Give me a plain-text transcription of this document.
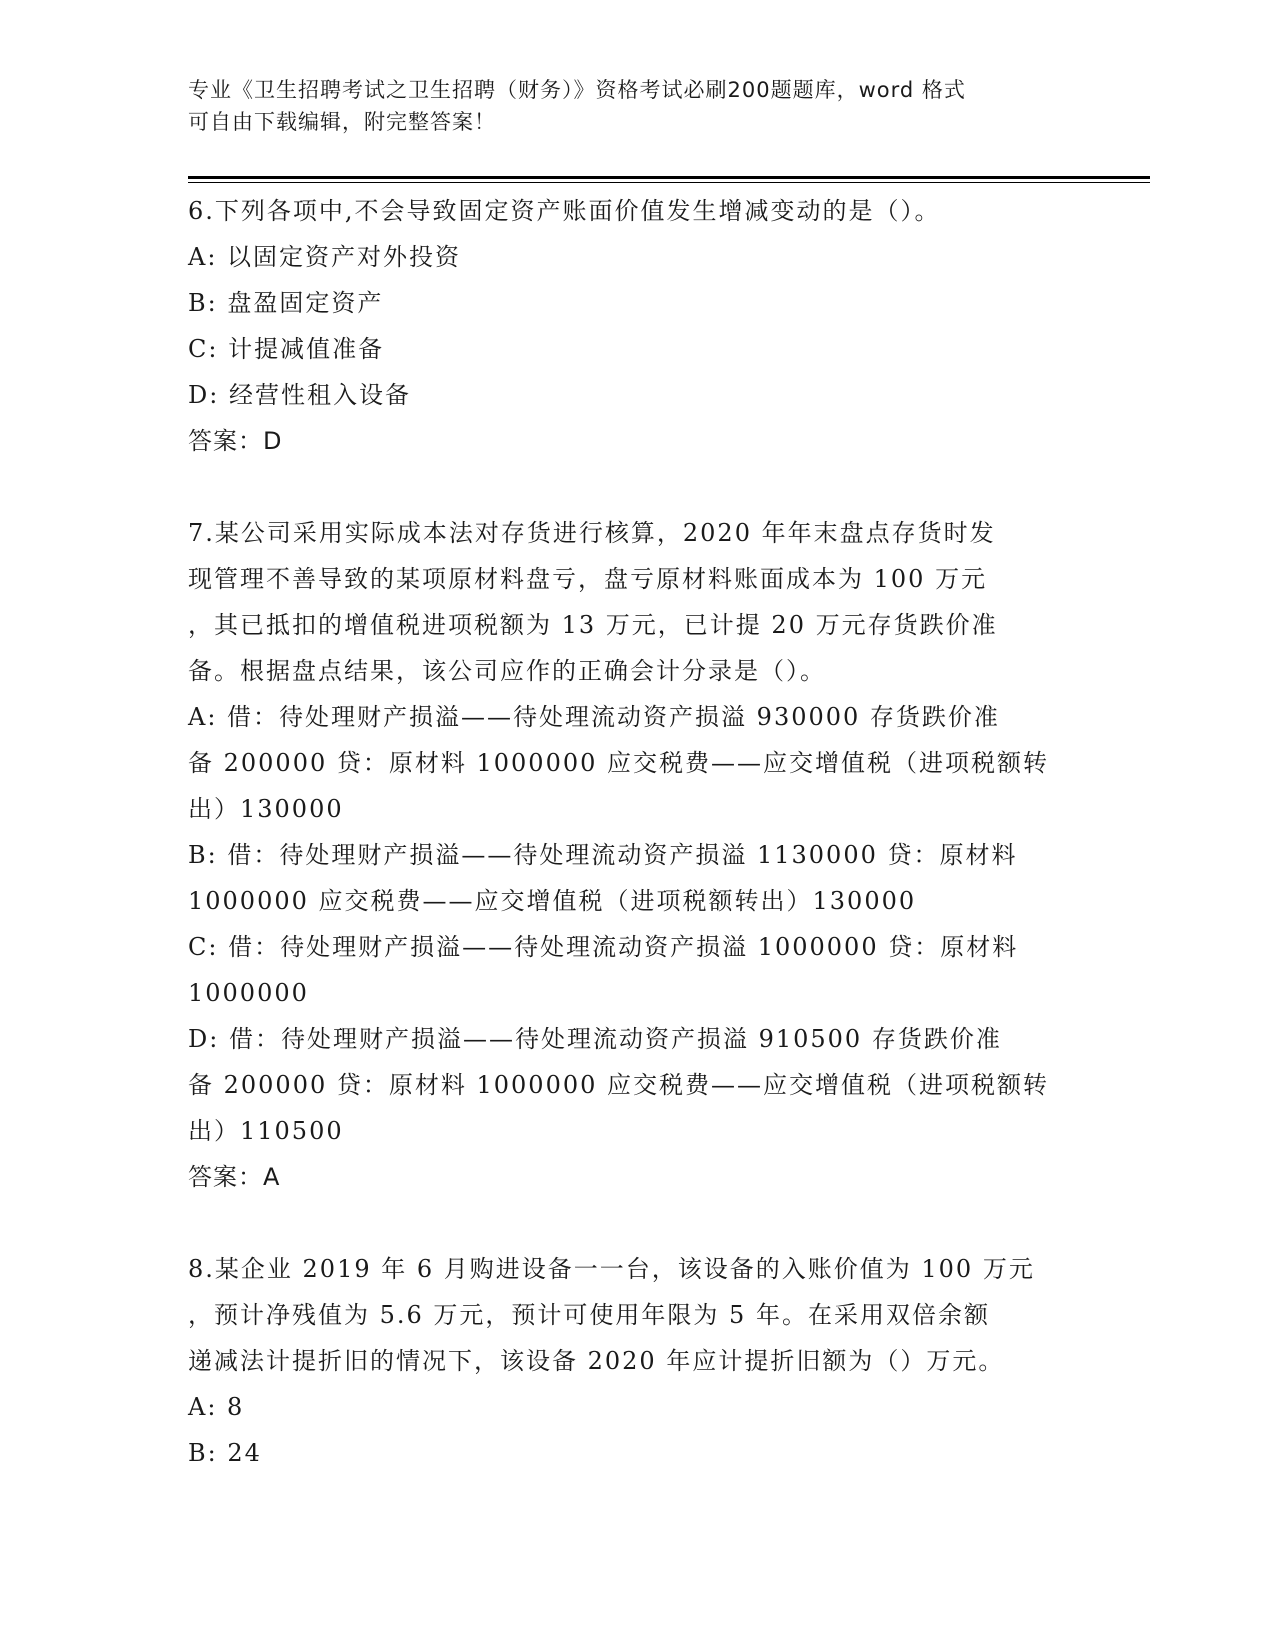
专业《卫生招聘考试之卫生招聘（财务）》资格考试必刷200题题库，word 格式
可自由下载编辑，附完整答案！
6.下列各项中,不会导致固定资产账面价值发生增减变动的是（）。
A: 以固定资产对外投资
B: 盘盈固定资产
C: 计提减值准备
D: 经营性租入设备
答案：D
7.某公司采用实际成本法对存货进行核算，2020 年年末盘点存货时发
现管理不善导致的某项原材料盘亏，盘亏原材料账面成本为 100 万元
，其已抵扣的增值税进项税额为 13 万元，已计提 20 万元存货跌价准
备。根据盘点结果，该公司应作的正确会计分录是（）。
A: 借：待处理财产损溢——待处理流动资产损溢 930000 存货跌价准
备 200000 贷：原材料 1000000 应交税费——应交增值税（进项税额转
出）130000
B: 借：待处理财产损溢——待处理流动资产损溢 1130000 贷：原材料
1000000 应交税费——应交增值税（进项税额转出）130000
C: 借：待处理财产损溢——待处理流动资产损溢 1000000 贷：原材料
1000000
D: 借：待处理财产损溢——待处理流动资产损溢 910500 存货跌价准
备 200000 贷：原材料 1000000 应交税费——应交增值税（进项税额转
出）110500
答案：A
8.某企业 2019 年 6 月购进设备一一台，该设备的入账价值为 100 万元
，预计净残值为 5.6 万元，预计可使用年限为 5 年。在采用双倍余额
递减法计提折旧的情况下，该设备 2020 年应计提折旧额为（）万元。
A: 8
B: 24
